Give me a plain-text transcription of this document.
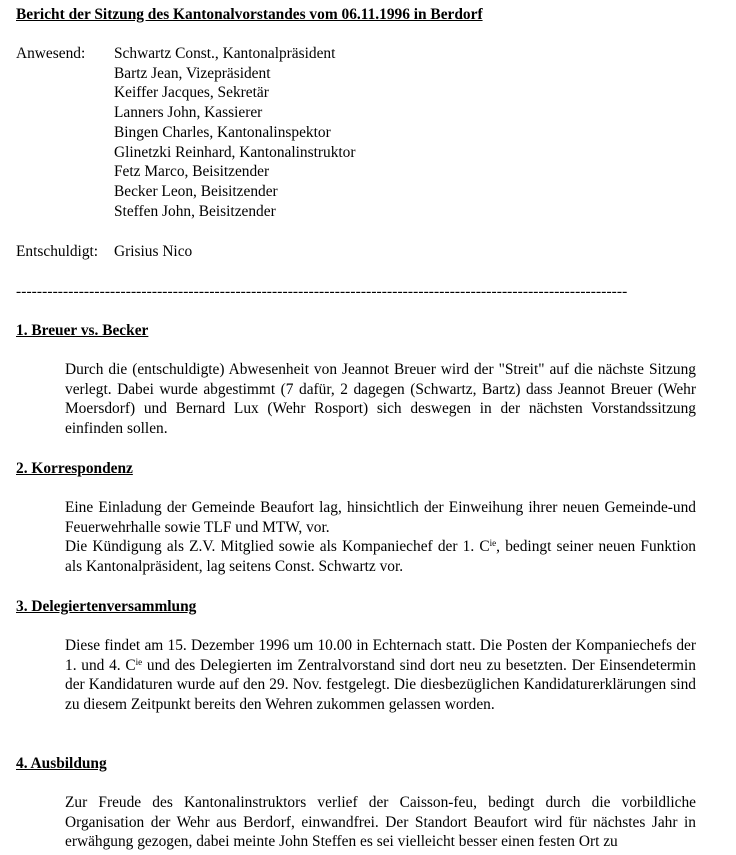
Bericht der Sitzung des Kantonalvorstandes vom 06.11.1996 in Berdorf
Anwesend:	Schwartz Const., Kantonalpräsident
Bartz Jean, Vizepräsident
Keiffer Jacques, Sekretär
Lanners John, Kassierer
Bingen Charles, Kantonalinspektor
Glinetzki Reinhard, Kantonalinstruktor
Fetz Marco, Beisitzender
Becker Leon, Beisitzender
Steffen John, Beisitzender
Entschuldigt:	Grisius Nico
---------------------------------------------------------------------------------------------------------------------
1. Breuer vs. Becker

Durch die (entschuldigte) Abwesenheit von Jeannot Breuer wird der "Streit" auf die nächste Sitzung verlegt. Dabei wurde abgestimmt (7 dafür, 2 dagegen (Schwartz, Bartz) dass Jeannot Breuer (Wehr Moersdorf) und Bernard Lux (Wehr Rosport) sich deswegen in der nächsten Vorstandssitzung einfinden sollen.

2. Korrespondenz

Eine Einladung der Gemeinde Beaufort lag, hinsichtlich der Einweihung ihrer neuen Gemeinde-und Feuerwehrhalle sowie TLF und MTW, vor.
Die Kündigung als Z.V. Mitglied sowie als Kompaniechef der 1. $C^{ie}$, bedingt seiner neuen Funktion als Kantonalpräsident, lag seitens Const. Schwartz vor.

3. Delegiertenversammlung

Diese findet am 15. Dezember 1996 um 10.00 in Echternach statt. Die Posten der Kompaniechefs der 1. und 4. $C^{ie}$ und des Delegierten im Zentralvorstand sind dort neu zu besetzten. Der Einsendetermin der Kandidaturen wurde auf den 29. Nov. festgelegt. Die diesbezüglichen Kandidaturerklärungen sind zu diesem Zeitpunkt bereits den Wehren zukommen gelassen worden.

4. Ausbildung

Zur Freude des Kantonalinstruktors verlief der Caisson-feu, bedingt durch die vorbildliche Organisation der Wehr aus Berdorf, einwandfrei. Der Standort Beaufort wird für nächstes Jahr in erwähgung gezogen, dabei meinte John Steffen es sei vielleicht besser einen festen Ort zu
